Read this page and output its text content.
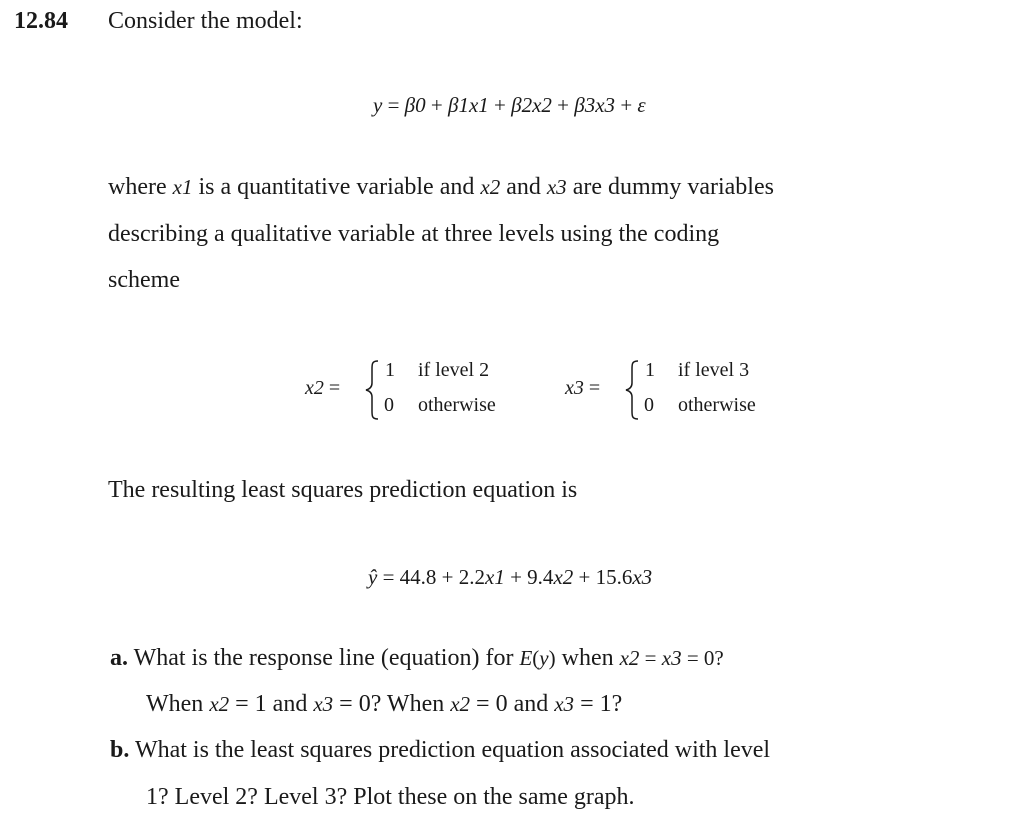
12.84 Consider the model:
y = β0 + β1x1 + β2x2 + β3x3 + ε
where x1 is a quantitative variable and x2 and x3 are dummy variables
describing a qualitative variable at three levels using the coding
scheme
x2 =
1 if level 2
0 otherwise
x3 =
1 if level 3
0 otherwise
The resulting least squares prediction equation is
ŷ = 44.8 + 2.2x1 + 9.4x2 + 15.6x3
a. What is the response line (equation) for E(y) when x2 = x3 = 0?
When x2 = 1 and x3 = 0? When x2 = 0 and x3 = 1?
b. What is the least squares prediction equation associated with level
1? Level 2? Level 3? Plot these on the same graph.
